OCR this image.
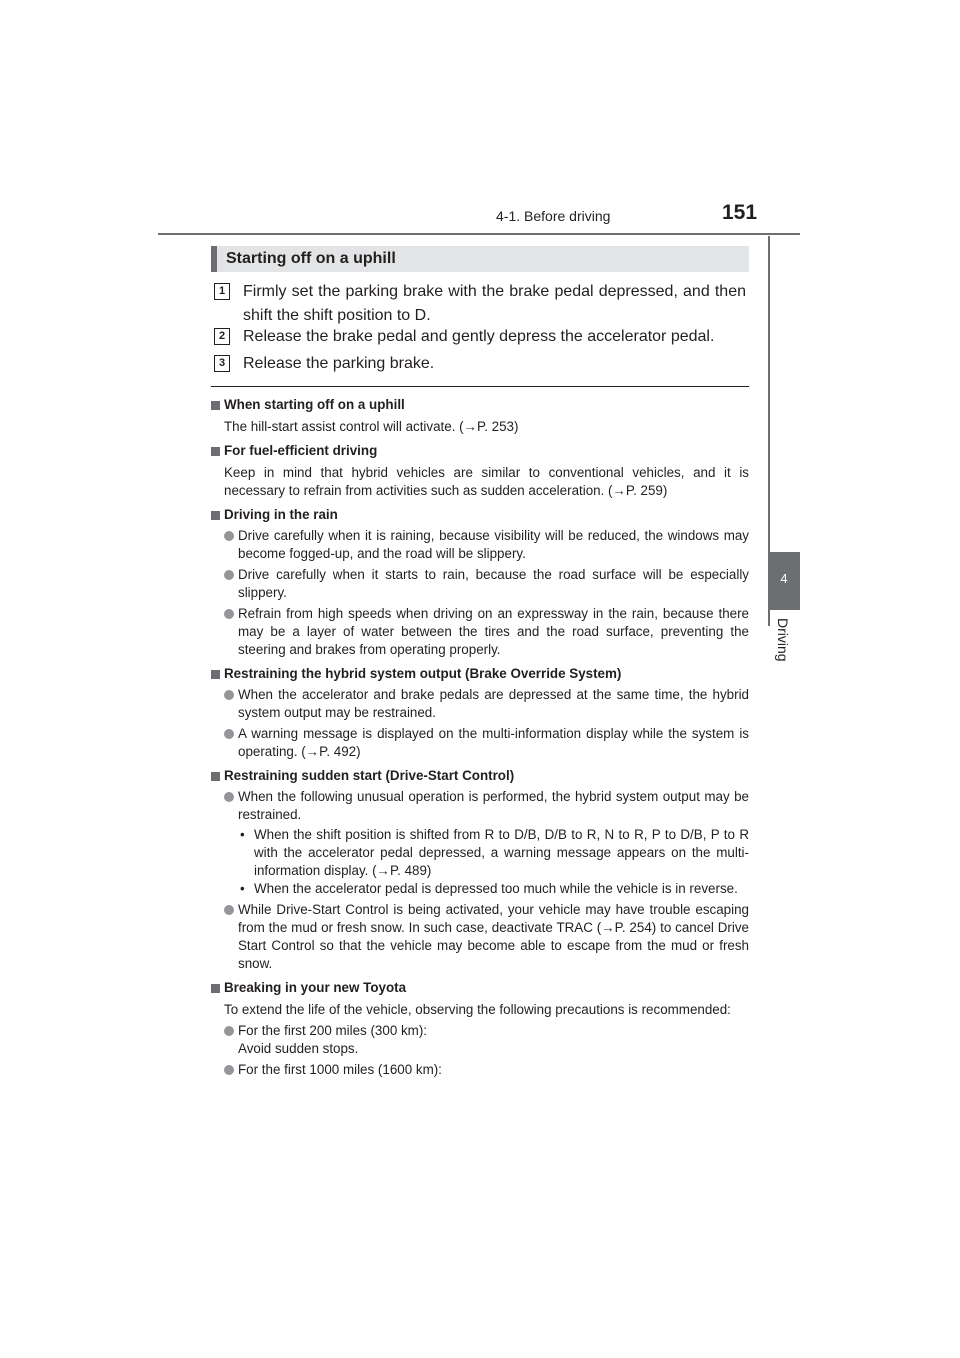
4-1. Before driving	151
4
Driving
Starting off on a uphill
1	Firmly set the parking brake with the brake pedal depressed, and then shift the shift position to D.
2	Release the brake pedal and gently depress the accelerator pedal.
3	Release the parking brake.

When starting off on a uphill

The hill-start assist control will activate. (→P. 253)

For fuel-efficient driving

Keep in mind that hybrid vehicles are similar to conventional vehicles, and it is necessary to refrain from activities such as sudden acceleration. (→P. 259)

Driving in the rain

Drive carefully when it is raining, because visibility will be reduced, the windows may become fogged-up, and the road will be slippery.

Drive carefully when it starts to rain, because the road surface will be especially slippery.

Refrain from high speeds when driving on an expressway in the rain, because there may be a layer of water between the tires and the road surface, preventing the steering and brakes from operating properly.

Restraining the hybrid system output (Brake Override System)

When the accelerator and brake pedals are depressed at the same time, the hybrid system output may be restrained.

A warning message is displayed on the multi-information display while the system is operating. (→P. 492)

Restraining sudden start (Drive-Start Control)

When the following unusual operation is performed, the hybrid system output may be restrained.

• When the shift position is shifted from R to D/B, D/B to R, N to R, P to D/B, P to R with the accelerator pedal depressed, a warning message appears on the multi-information display. (→P. 489)

• When the accelerator pedal is depressed too much while the vehicle is in reverse.

While Drive-Start Control is being activated, your vehicle may have trouble escaping from the mud or fresh snow. In such case, deactivate TRAC (→P. 254) to cancel Drive Start Control so that the vehicle may become able to escape from the mud or fresh snow.

Breaking in your new Toyota

To extend the life of the vehicle, observing the following precautions is recommended:

For the first 200 miles (300 km):
Avoid sudden stops.

For the first 1000 miles (1600 km):
